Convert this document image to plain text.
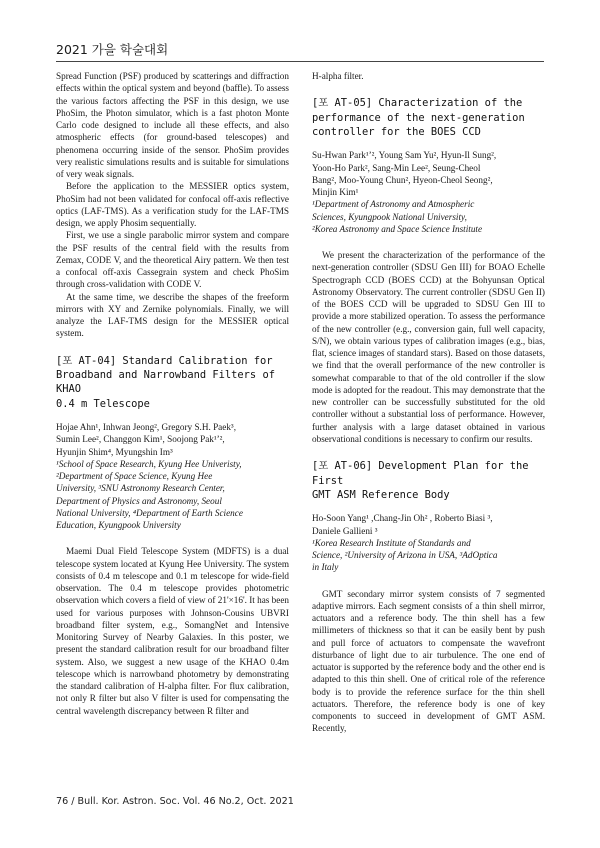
2021 가을 학술대회

Spread Function (PSF) produced by scatterings and diffraction effects within the optical system and beyond (baffle). To assess the various factors affecting the PSF in this design, we use PhoSim, the Photon simulator, which is a fast photon Monte Carlo code designed to include all these effects, and also atmospheric effects (for ground-based telescopes) and phenomena occurring inside of the sensor. PhoSim provides very realistic simulations results and is suitable for simulations of very weak signals.

Before the application to the MESSIER optics system, PhoSim had not been validated for confocal off-axis reflective optics (LAF-TMS). As a verification study for the LAF-TMS design, we apply Phosim sequentially.

First, we use a single parabolic mirror system and compare the PSF results of the central field with the results from Zemax, CODE V, and the theoretical Airy pattern. We then test a confocal off-axis Cassegrain system and check PhoSim through cross-validation with CODE V.

At the same time, we describe the shapes of the freeform mirrors with XY and Zernike polynomials. Finally, we will analyze the LAF-TMS design for the MESSIER optical system.

[포 AT-04] Standard Calibration for
Broadband and Narrowband Filters of KHAO
0.4 m Telescope
Hojae Ahn¹, Inhwan Jeong², Gregory S.H. Paek³,
Sumin Lee², Changgon Kim¹, Soojong Pak¹ʼ²,
Hyunjin Shim⁴, Myungshin Im³
¹School of Space Research, Kyung Hee Univeristy,
²Department of Space Science, Kyung Hee
University, ³SNU Astronomy Research Center,
Department of Physics and Astronomy, Seoul
National University, ⁴Department of Earth Science
Education, Kyungpook University

Maemi Dual Field Telescope System (MDFTS) is a dual telescope system located at Kyung Hee University. The system consists of 0.4 m telescope and 0.1 m telescope for wide-field observation. The 0.4 m telescope provides photometric observation which covers a field of view of 21'×16'. It has been used for various purposes with Johnson-Cousins UBVRI broadband filter system, e.g., SomangNet and Intensive Monitoring Survey of Nearby Galaxies. In this poster, we present the standard calibration result for our broadband filter system. Also, we suggest a new usage of the KHAO 0.4m telescope which is narrowband photometry by demonstrating the standard calibration of H-alpha filter. For flux calibration, not only R filter but also V filter is used for compensating the central wavelength discrepancy between R filter and

H-alpha filter.

[포 AT-05] Characterization of the
performance of the next-generation
controller for the BOES CCD
Su-Hwan Park¹ʼ², Young Sam Yu², Hyun-Il Sung²,
Yoon-Ho Park², Sang-Min Lee², Seung-Cheol
Bang², Moo-Young Chun², Hyeon-Cheol Seong²,
Minjin Kim¹
¹Department of Astronomy and Atmospheric
Sciences, Kyungpook National University,
²Korea Astronomy and Space Science Institute

We present the characterization of the performance of the next-generation controller (SDSU Gen III) for BOAO Echelle Spectrograph CCD (BOES CCD) at the Bohyunsan Optical Astronomy Observatory. The current controller (SDSU Gen II) of the BOES CCD will be upgraded to SDSU Gen III to provide a more stabilized operation. To assess the performance of the new controller (e.g., conversion gain, full well capacity, S/N), we obtain various types of calibration images (e.g., bias, flat, science images of standard stars). Based on those datasets, we find that the overall performance of the new controller is somewhat comparable to that of the old controller if the slow mode is adopted for the readout. This may demonstrate that the new controller can be successfully substituted for the old controller without a substantial loss of performance. However, further analysis with a large dataset obtained in various observational conditions is necessary to confirm our results.

[포 AT-06] Development Plan for the First
GMT ASM Reference Body
Ho-Soon Yang¹ ,Chang-Jin Oh² , Roberto Biasi ³,
Daniele Gallieni ³
¹Korea Research Institute of Standards and
Science, ²University of Arizona in USA, ³AdOptica
in Italy

GMT secondary mirror system consists of 7 segmented adaptive mirrors. Each segment consists of a thin shell mirror, actuators and a reference body. The thin shell has a few millimeters of thickness so that it can be easily bent by push and pull force of actuators to compensate the wavefront disturbance of light due to air turbulence. The one end of actuator is supported by the reference body and the other end is adapted to this thin shell. One of critical role of the reference body is to provide the reference surface for the thin shell actuators. Therefore, the reference body is one of key components to succeed in development of GMT ASM. Recently,

76 / Bull. Kor. Astron. Soc. Vol. 46 No.2, Oct. 2021
